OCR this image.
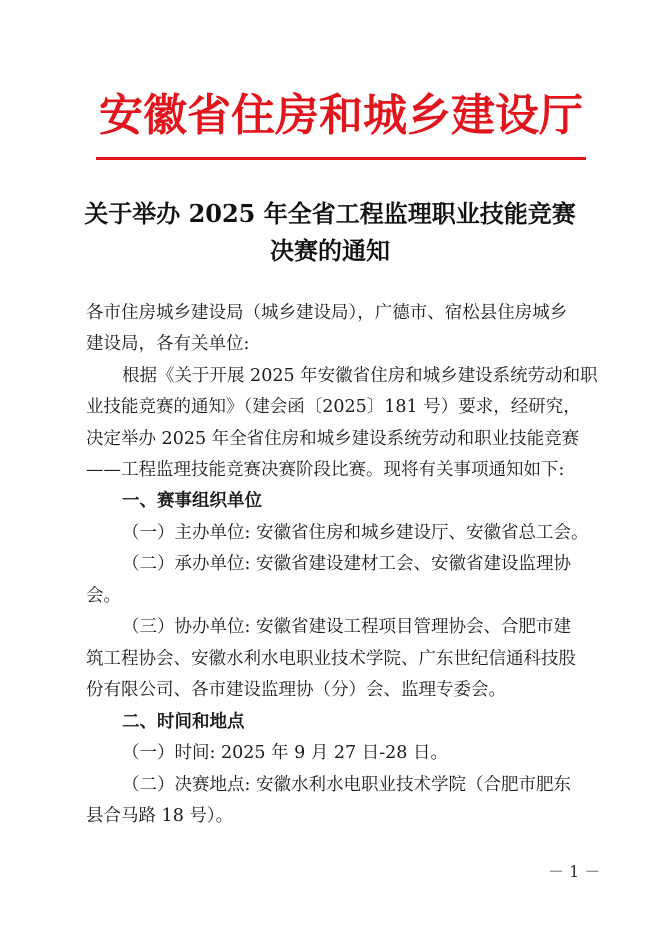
安徽省住房和城乡建设厅
关于举办 2025 年全省工程监理职业技能竞赛
决赛的通知
各市住房城乡建设局（城乡建设局），广德市、宿松县住房城乡
建设局，各有关单位:
根据《关于开展 2025 年安徽省住房和城乡建设系统劳动和职
业技能竞赛的通知》（建会函〔2025〕181 号）要求，经研究，
决定举办 2025 年全省住房和城乡建设系统劳动和职业技能竞赛
——工程监理技能竞赛决赛阶段比赛。现将有关事项通知如下:
一、赛事组织单位
（一）主办单位: 安徽省住房和城乡建设厅、安徽省总工会。
（二）承办单位: 安徽省建设建材工会、安徽省建设监理协
会。
（三）协办单位: 安徽省建设工程项目管理协会、合肥市建
筑工程协会、安徽水利水电职业技术学院、广东世纪信通科技股
份有限公司、各市建设监理协（分）会、监理专委会。
二、时间和地点
（一）时间: 2025 年 9 月 27 日-28 日。
（二）决赛地点: 安徽水利水电职业技术学院（合肥市肥东
县合马路 18 号）。
－ 1 －
